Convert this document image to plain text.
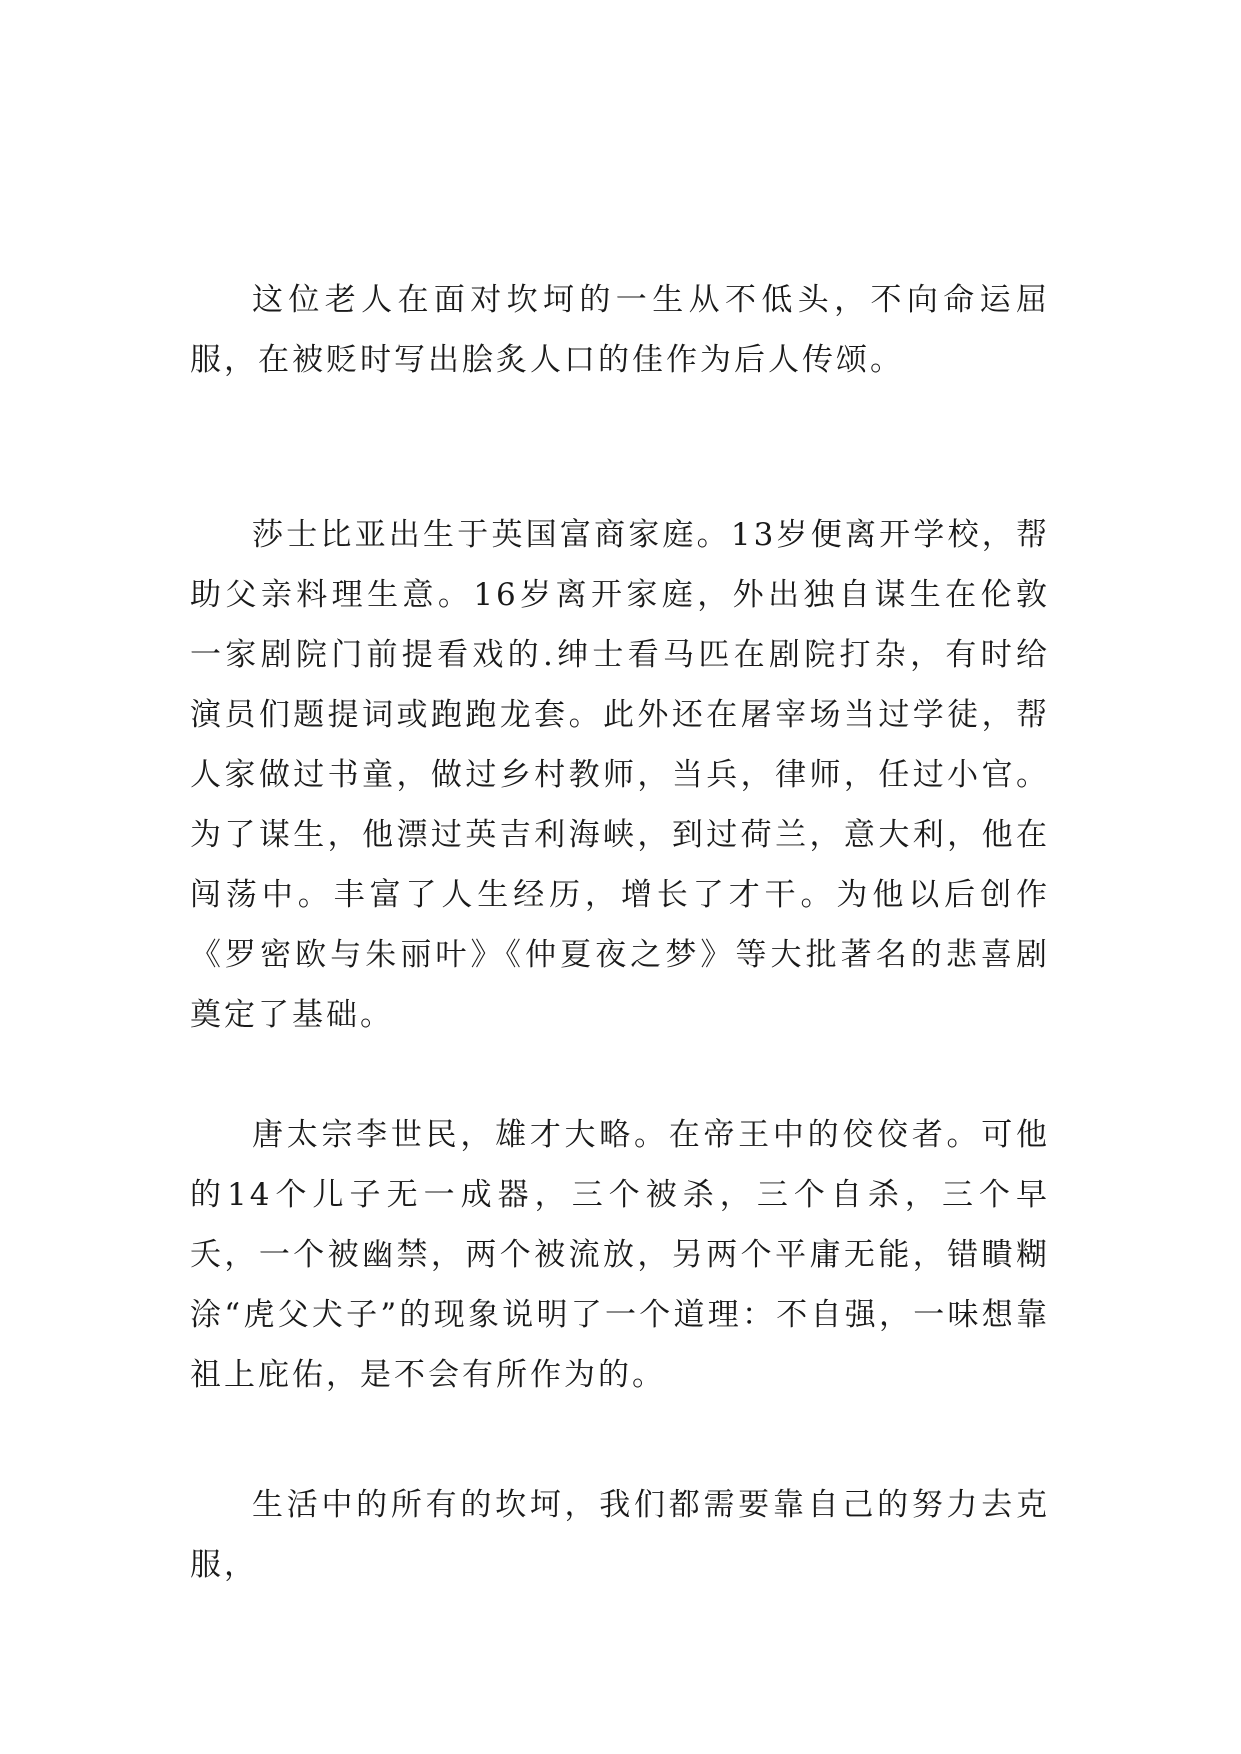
这位老人在面对坎坷的一生从不低头，不向命运屈服，在被贬时写出脍炙人口的佳作为后人传颂。

莎士比亚出生于英国富商家庭。13岁便离开学校，帮助父亲料理生意。16岁离开家庭，外出独自谋生在伦敦一家剧院门前提看戏的.绅士看马匹在剧院打杂，有时给演员们题提词或跑跑龙套。此外还在屠宰场当过学徒，帮人家做过书童，做过乡村教师，当兵，律师，任过小官。为了谋生，他漂过英吉利海峡，到过荷兰，意大利，他在闯荡中。丰富了人生经历，增长了才干。为他以后创作《罗密欧与朱丽叶》《仲夏夜之梦》等大批著名的悲喜剧奠定了基础。

唐太宗李世民，雄才大略。在帝王中的佼佼者。可他的14个儿子无一成器，三个被杀，三个自杀，三个早夭，一个被幽禁，两个被流放，另两个平庸无能，错瞶糊涂“虎父犬子”的现象说明了一个道理：不自强，一味想靠祖上庇佑，是不会有所作为的。

生活中的所有的坎坷，我们都需要靠自己的努力去克服，
